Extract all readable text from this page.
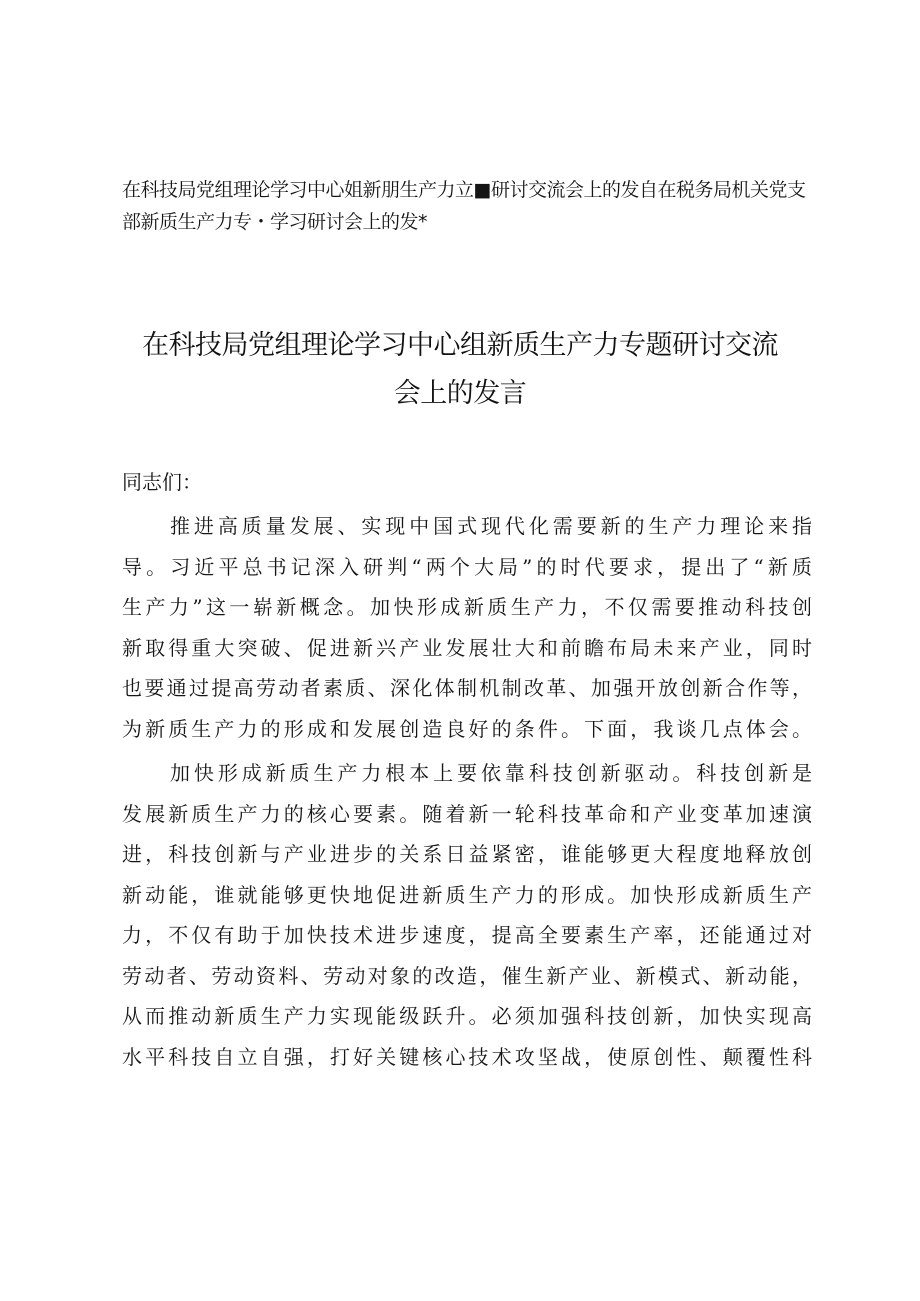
在科技局党组理论学习中心姐新朋生产力立■研讨交流会上的发自在税务局机关党支
部新质生产力专・学习研讨会上的发*
在科技局党组理论学习中心组新质生产力专题研讨交流
会上的发言
同志们：
推进高质量发展、实现中国式现代化需要新的生产力理论来指
导。习近平总书记深入研判“两个大局”的时代要求，提出了“新质
生产力”这一崭新概念。加快形成新质生产力，不仅需要推动科技创
新取得重大突破、促进新兴产业发展壮大和前瞻布局未来产业，同时
也要通过提高劳动者素质、深化体制机制改革、加强开放创新合作等，
为新质生产力的形成和发展创造良好的条件。下面，我谈几点体会。
加快形成新质生产力根本上要依靠科技创新驱动。科技创新是
发展新质生产力的核心要素。随着新一轮科技革命和产业变革加速演
进，科技创新与产业进步的关系日益紧密，谁能够更大程度地释放创
新动能，谁就能够更快地促进新质生产力的形成。加快形成新质生产
力，不仅有助于加快技术进步速度，提高全要素生产率，还能通过对
劳动者、劳动资料、劳动对象的改造，催生新产业、新模式、新动能，
从而推动新质生产力实现能级跃升。必须加强科技创新，加快实现高
水平科技自立自强，打好关键核心技术攻坚战，使原创性、颠覆性科
